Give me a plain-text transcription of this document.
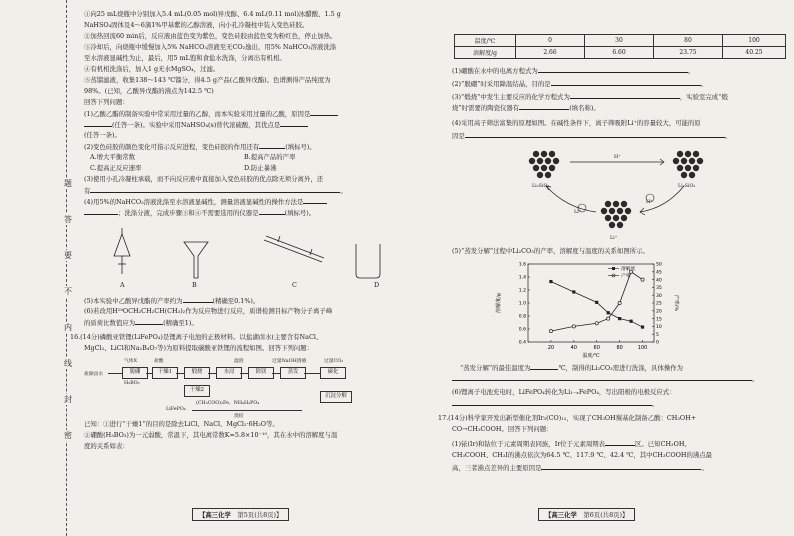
题
答
要
不
内
线
封
密
①向25 mL烧瓶中分别加入5.4 mL(0.05 mol)异戊醇、6.4 mL(0.11 mol)冰醋酸、1.5 g
NaHSO₄固体及4～6滴1%甲基紫的乙醇溶液，向小孔冷凝柱中装入变色硅胶。
②加热回流60 min后，反应液由蓝色变为紫色，变色硅胶由蓝色变为粉红色，停止加热。
③冷却后，向烧瓶中缓慢加入5% NaHCO₃溶液至无CO₂逸出，用5% NaHCO₃溶液洗涤
至水溶液显碱性为止，最后，用5 mL饱和食盐水洗涤，分离出有机相。
④有机相洗涤后，加入1 g无水MgSO₄，过滤。
⑤蒸馏滤液，收集138～143 ℃馏分，得4.5 g产品(乙酸异戊酯)。色谱测得产品纯度为
98%。(已知，乙酸异戊酯的沸点为142.5 ℃)
回答下列问题：
(1)乙酸乙酯的制备实验中常采用过量的乙醇，而本实验采用过量的乙酸，原因是
(任答一条)。实验中采用NaHSO₄(s)替代浓硫酸，其优点是
(任答一条)。
(2)变色硅胶的颜色变化可指示反应进程，变色硅胶的作用还有	(填标号)。
A.增大平衡常数	B.提高产品的产率
C.提高正反应速率	D.防止暴沸
(3)使用小孔冷凝柱承载，而不向反应液中直接加入变色硅胶的优点除无须分离外，还
有	。
(4)用5%的NaHCO₃溶液洗涤至水溶液显碱性，测量溶液显碱性的操作方法是
；洗涤分液，完成步骤③和④不需要选用的仪器是	(填标号)。
A	B	C	D
(5)本实验中乙酸异戊酯的产率约为	(精确至0.1%)。
(6)若改用H¹⁸OCH₂CH₂CH(CH₃)₂作为反应物进行反应，质谱检测目标产物分子离子峰
的质荷比数值应为	(精确至1)。
16.(14分)磷酸亚铁锂(LiFePO₄)是锂离子电池的正极材料。以盐湖卤水(主要含有NaCl、
MgCl₂、LiCl和Na₂B₄O₇等)为原料提取碳酸亚铁锂的流程如图。回答下列问题：
气体X	盐酸	滤渣	过量NaOH溶液	过量CO₂
盐湖卤水	脱硼	干燥1	煅烧	水浸	除镁	蒸发	碳化
H₃BO₃
干燥2
沉淀分解
(CH₃COO)₂Fe、NH₄H₂PO₄
LiFePO₄
烧结
已知：①进行“干燥1”的目的是除去LiCl、NaCl、MgCl₂·6H₂O等。
②硼酸(H₃BO₃)为一元弱酸，常温下，其电离常数K=5.8×10⁻¹⁰，其在水中的溶解度与温
度的关系如表：
【高三化学　 第5页(共8页)】
温度/℃	0	30	80	100
溶解度/g	2.66	6.60	23.75	40.25
(1)硼酸在水中的电离方程式为	。
(2)“脱硼”时采用降温结晶，目的是	。
(3)“煅烧”中发生主要反应的化学方程式为	，实验室完成“煅
烧”时需要的陶瓷仪器有	(填名称)。
(4)采用高子筛法富集的原理如图。在碱性条件下，离子筛吸附Li⁺的容量较大，可能的原
因是	。
Li₂SiO₃
H⁺
Li₂SiO₃
Li⁺
Li⁺
H⁺
(5)“蒸发分解”过程中Li₂CO₃的产率、溶解度与温度的关系如图所示。
20	40	60	80	100
0.4
0.6
0.8
1.0
1.2
1.4
1.6
0
5
10
15
20
25
30
35
40
45
50
溶解度
产率
温度/℃
溶解度/g	产率/%
“蒸发分解”的最佳温度为	℃，制得的Li₂CO₃需进行洗涤，具体操作为
。
(6)锂离子电池充电时，LiFePO₄转化为Li₁₋ₓFePO₄，写出阳极的电极反应式：
。
17.(14分)科学家开发出新型催化剂Ir₃(CO)₁₂，实现了CH₃OH羰基化制备乙酸：CH₃OH+
CO→CH₃COOH。回答下列问题：
(1)铱(Ir)和钴位于元素周期表同族，Ir位于元素周期表	区。已知CH₃OH、
CH₃COOH、CH₃I的沸点依次为64.5 ℃、117.9 ℃、42.4 ℃，其中CH₃COOH的沸点最
高，三者沸点差异的主要原因是	。
【高三化学　 第6页(共8页)】
